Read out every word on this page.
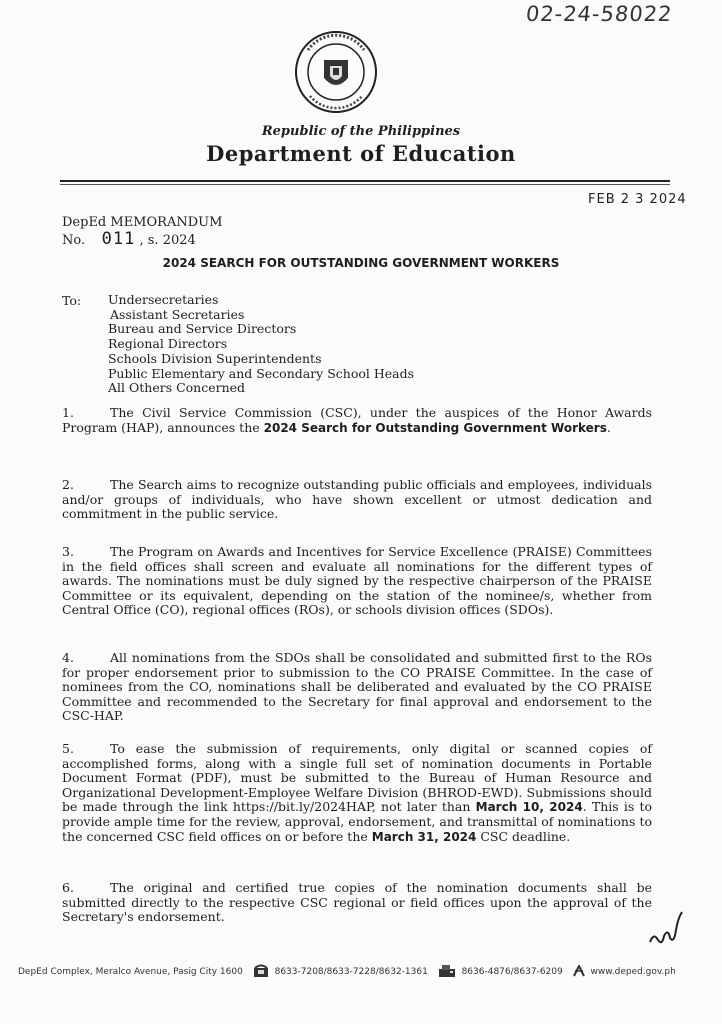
02-24-58022
Republic of the Philippines
Department of Education
FEB 2 3 2024
DepEd MEMORANDUM
No. 011 , s. 2024
2024 SEARCH FOR OUTSTANDING GOVERNMENT WORKERS
To: Undersecretaries
Assistant Secretaries
Bureau and Service Directors
Regional Directors
Schools Division Superintendents
Public Elementary and Secondary School Heads
All Others Concerned
1.	The Civil Service Commission (CSC), under the auspices of the Honor Awards Program (HAP), announces the 2024 Search for Outstanding Government Workers.
2.	The Search aims to recognize outstanding public officials and employees, individuals and/or groups of individuals, who have shown excellent or utmost dedication and commitment in the public service.
3.	The Program on Awards and Incentives for Service Excellence (PRAISE) Committees in the field offices shall screen and evaluate all nominations for the different types of awards. The nominations must be duly signed by the respective chairperson of the PRAISE Committee or its equivalent, depending on the station of the nominee/s, whether from Central Office (CO), regional offices (ROs), or schools division offices (SDOs).
4.	All nominations from the SDOs shall be consolidated and submitted first to the ROs for proper endorsement prior to submission to the CO PRAISE Committee. In the case of nominees from the CO, nominations shall be deliberated and evaluated by the CO PRAISE Committee and recommended to the Secretary for final approval and endorsement to the CSC-HAP.
5.	To ease the submission of requirements, only digital or scanned copies of accomplished forms, along with a single full set of nomination documents in Portable Document Format (PDF), must be submitted to the Bureau of Human Resource and Organizational Development-Employee Welfare Division (BHROD-EWD). Submissions should be made through the link https://bit.ly/2024HAP, not later than March 10, 2024. This is to provide ample time for the review, approval, endorsement, and transmittal of nominations to the concerned CSC field offices on or before the March 31, 2024 CSC deadline.
6.	The original and certified true copies of the nomination documents shall be submitted directly to the respective CSC regional or field offices upon the approval of the Secretary's endorsement.
DepEd Complex, Meralco Avenue, Pasig City 1600	8633-7208/8633-7228/8632-1361	8636-4876/8637-6209	www.deped.gov.ph
